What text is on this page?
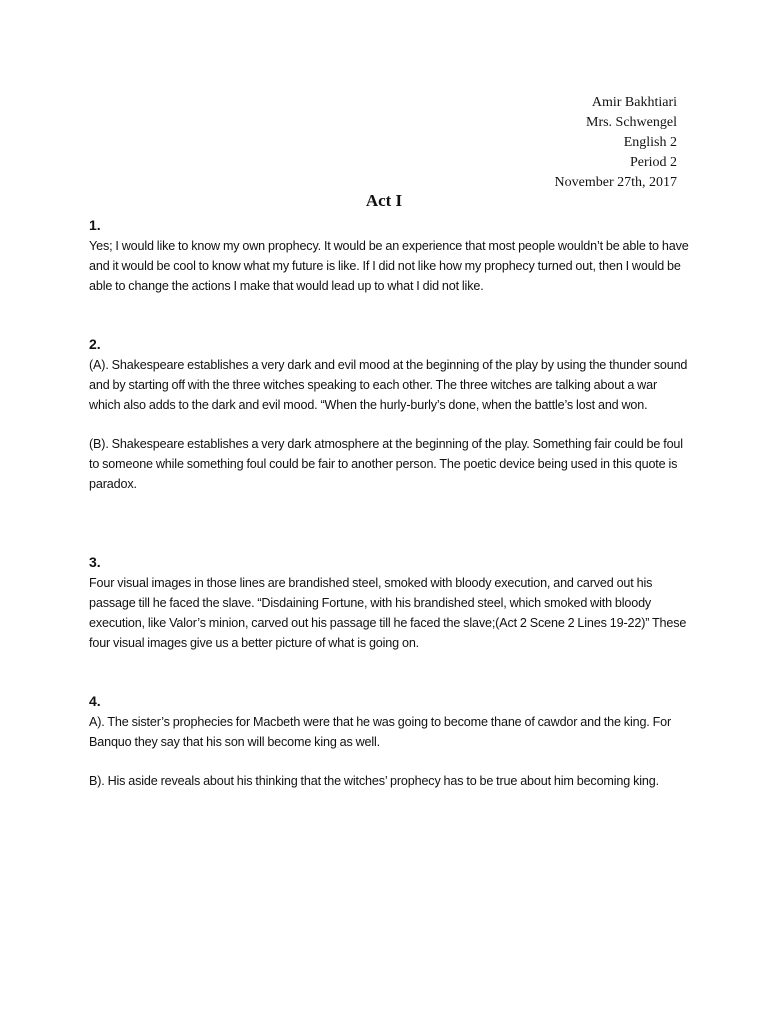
Amir Bakhtiari
Mrs. Schwengel
English 2
Period 2
November 27th, 2017
Act I
1.

Yes; I would like to know my own prophecy. It would be an experience that most people wouldn’t be able to have and it would be cool to know what my future is like. If I did not like how my prophecy turned out, then I would be able to change the actions I make that would lead up to what I did not like.

2.

(A). Shakespeare establishes a very dark and evil mood at the beginning of the play by using the thunder sound and by starting off with the three witches speaking to each other. The three witches are talking about a war which also adds to the dark and evil mood. “When the hurly-burly’s done, when the battle’s lost and won.

(B). Shakespeare establishes a very dark atmosphere at the beginning of the play. Something fair could be foul to someone while something foul could be fair to another person. The poetic device being used in this quote is paradox.

3.

Four visual images in those lines are brandished steel, smoked with bloody execution, and carved out his passage till he faced the slave. “Disdaining Fortune, with his brandished steel, which smoked with bloody execution, like Valor’s minion, carved out his passage till he faced the slave;(Act 2 Scene 2 Lines 19-22)” These four visual images give us a better picture of what is going on.

4.

A). The sister’s prophecies for Macbeth were that he was going to become thane of cawdor and the king. For Banquo they say that his son will become king as well.

B). His aside reveals about his thinking that the witches’ prophecy has to be true about him becoming king.
